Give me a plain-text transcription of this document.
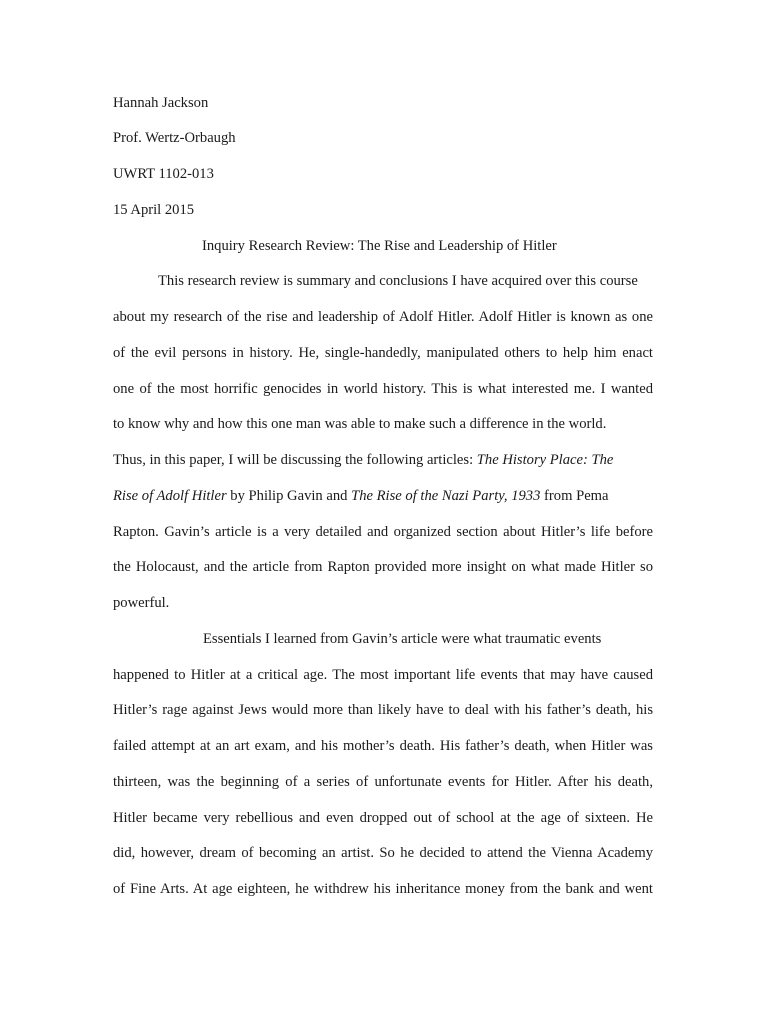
Hannah Jackson

Prof. Wertz-Orbaugh

UWRT 1102-013

15 April 2015

Inquiry Research Review: The Rise and Leadership of Hitler

This research review is summary and conclusions I have acquired over this course

about my research of the rise and leadership of Adolf Hitler. Adolf Hitler is known as one

of the evil persons in history. He, single-handedly, manipulated others to help him enact

one of the most horrific genocides in world history. This is what interested me. I wanted

to know why and how this one man was able to make such a difference in the world.

Thus, in this paper, I will be discussing the following articles: The History Place: The

Rise of Adolf Hitler by Philip Gavin and The Rise of the Nazi Party, 1933 from Pema

Rapton. Gavin’s article is a very detailed and organized section about Hitler’s life before

the Holocaust, and the article from Rapton provided more insight on what made Hitler so

powerful.

Essentials I learned from Gavin’s article were what traumatic events

happened to Hitler at a critical age. The most important life events that may have caused

Hitler’s rage against Jews would more than likely have to deal with his father’s death, his

failed attempt at an art exam, and his mother’s death. His father’s death, when Hitler was

thirteen, was the beginning of a series of unfortunate events for Hitler. After his death,

Hitler became very rebellious and even dropped out of school at the age of sixteen. He

did, however, dream of becoming an artist. So he decided to attend the Vienna Academy

of Fine Arts. At age eighteen, he withdrew his inheritance money from the bank and went
